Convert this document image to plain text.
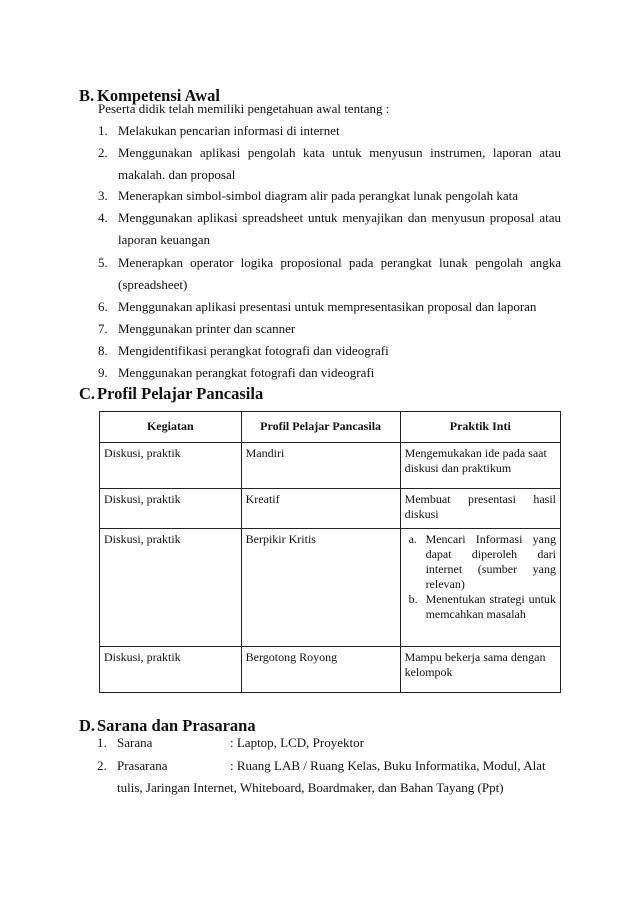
B. Kompetensi Awal
Peserta didik telah memiliki pengetahuan awal tentang :
1. Melakukan pencarian informasi di internet
2. Menggunakan aplikasi pengolah kata untuk menyusun instrumen, laporan atau
makalah. dan proposal
3. Menerapkan simbol-simbol diagram alir pada perangkat lunak pengolah kata
4. Menggunakan aplikasi spreadsheet untuk menyajikan dan menyusun proposal atau
laporan keuangan
5. Menerapkan operator logika proposional pada perangkat lunak pengolah angka
(spreadsheet)
6. Menggunakan aplikasi presentasi untuk mempresentasikan proposal dan laporan
7. Menggunakan printer dan scanner
8. Mengidentifikasi perangkat fotografi dan videografi
9. Menggunakan perangkat fotografi dan videografi
C. Profil Pelajar Pancasila
Kegiatan	Profil Pelajar Pancasila	Praktik Inti
Diskusi, praktik	Mandiri	Mengemukakan ide pada saat diskusi dan praktikum
Diskusi, praktik	Kreatif	Membuat presentasi hasil diskusi
Diskusi, praktik	Berpikir Kritis	a. Mencari Informasi yang dapat diperoleh dari internet (sumber yang relevan)
b. Menentukan strategi untuk memcahkan masalah

Diskusi, praktik	Bergotong Royong	Mampu bekerja sama dengan kelompok
D. Sarana dan Prasarana
1. Sarana	: Laptop, LCD, Proyektor
2. Prasarana	: Ruang LAB / Ruang Kelas, Buku Informatika, Modul, Alat
tulis, Jaringan Internet, Whiteboard, Boardmaker, dan Bahan Tayang (Ppt)
